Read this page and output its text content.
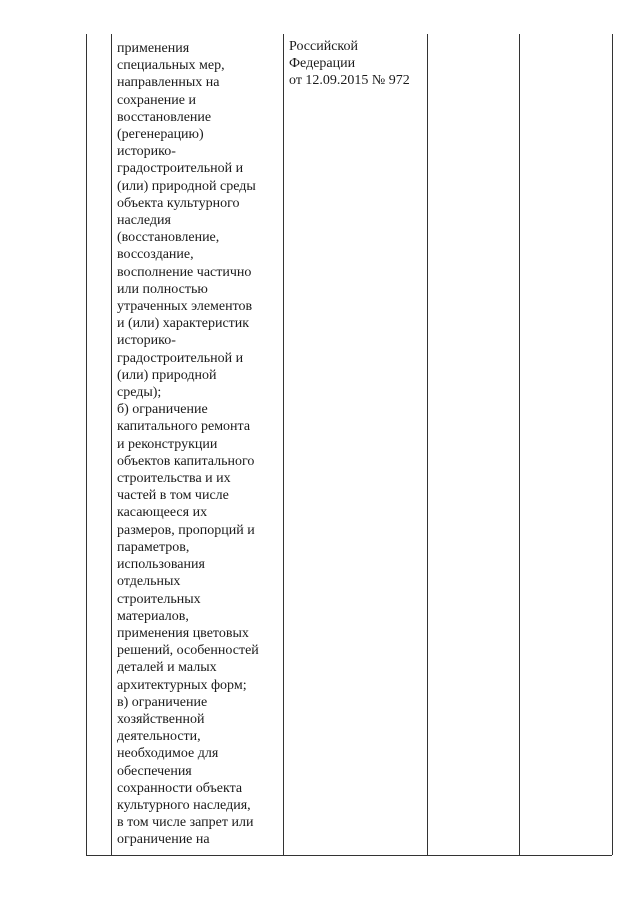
применения
специальных мер,
направленных на
сохранение и
восстановление
(регенерацию)
историко-
градостроительной и
(или) природной среды
объекта культурного
наследия
(восстановление,
воссоздание,
восполнение частично
или полностью
утраченных элементов
и (или) характеристик
историко-
градостроительной и
(или) природной
среды);
б) ограничение
капитального ремонта
и реконструкции
объектов капитального
строительства и их
частей в том числе
касающееся их
размеров, пропорций и
параметров,
использования
отдельных
строительных
материалов,
применения цветовых
решений, особенностей
деталей и малых
архитектурных форм;
в) ограничение
хозяйственной
деятельности,
необходимое для
обеспечения
сохранности объекта
культурного наследия,
в том числе запрет или
ограничение на
Российской
Федерации
от 12.09.2015 № 972
